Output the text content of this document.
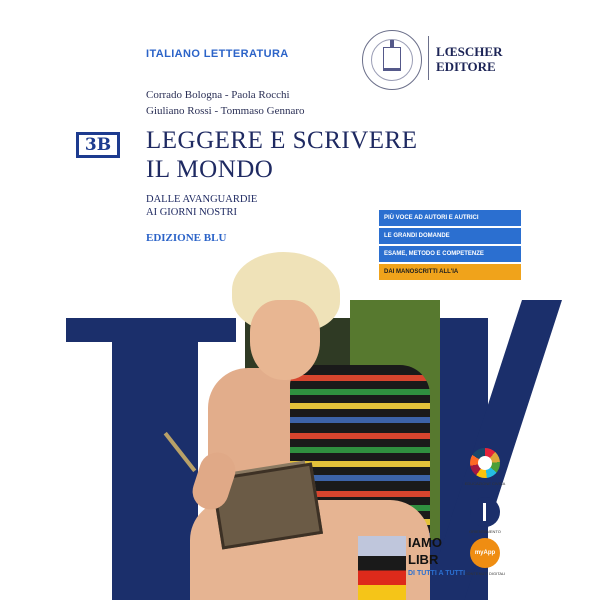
ITALIANO LETTERATURA	LŒSCHER
EDITORE
Corrado Bologna - Paola Rocchi
Giuliano Rossi - Tommaso Gennaro
3B	LEGGERE E SCRIVERE
IL MONDO
DALLE AVANGUARDIE
AI GIORNI NOSTRI
EDIZIONE BLU
PIÙ VOCE AD AUTORI E AUTRICI
LE GRANDI DOMANDE
ESAME, METODO E COMPETENZE
DAI MANOSCRITTI ALL'IA
EDUCAZIONE CIVICA
ORIENTAMENTO
IAMO
LIBR
DI TUTTI A TUTTI
myApp
CONTENUTI DIGITALI
